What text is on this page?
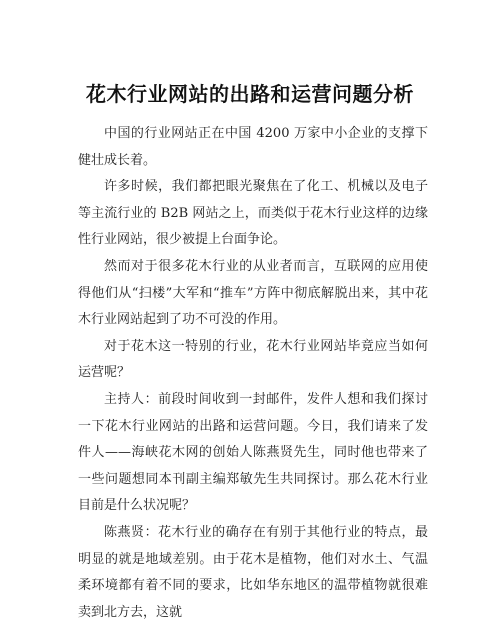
花木行业网站的出路和运营问题分析

中国的行业网站正在中国 4200 万家中小企业的支撑下健壮成长着。

许多时候，我们都把眼光聚焦在了化工、机械以及电子等主流行业的 B2B 网站之上，而类似于花木行业这样的边缘性行业网站，很少被提上台面争论。

然而对于很多花木行业的从业者而言，互联网的应用使得他们从“扫楼”大军和“推车”方阵中彻底解脱出来，其中花木行业网站起到了功不可没的作用。

对于花木这一特别的行业，花木行业网站毕竟应当如何运营呢？

主持人：前段时间收到一封邮件，发件人想和我们探讨一下花木行业网站的出路和运营问题。今日，我们请来了发件人——海峡花木网的创始人陈燕贤先生，同时他也带来了一些问题想同本刊副主编郑敏先生共同探讨。那么花木行业目前是什么状况呢？

陈燕贤：花木行业的确存在有别于其他行业的特点，最明显的就是地域差别。由于花木是植物，他们对水土、气温柔环境都有着不同的要求，比如华东地区的温带植物就很难卖到北方去，这就
